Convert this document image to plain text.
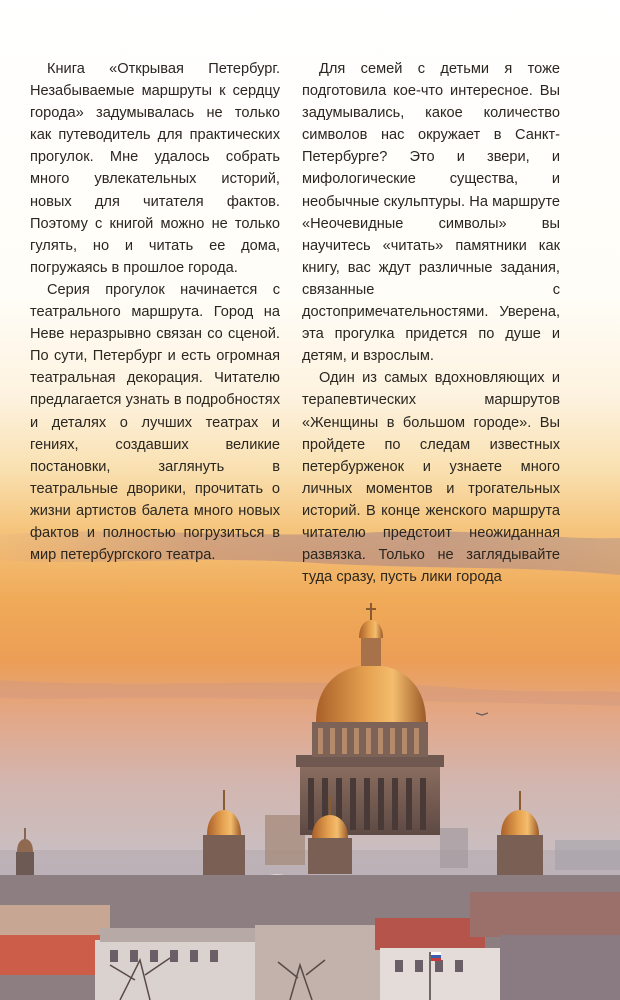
Книга «Открывая Петербург. Незабываемые маршруты к сердцу города» задумывалась не только как путеводитель для практических прогулок. Мне удалось собрать много увлекательных историй, новых для читателя фактов. Поэтому с книгой можно не только гулять, но и читать ее дома, погружаясь в прошлое города.

Серия прогулок начинается с театрального маршрута. Город на Неве неразрывно связан со сценой. По сути, Петербург и есть огромная театральная декорация. Читателю предлагается узнать в подробностях и деталях о лучших театрах и гениях, создавших великие постановки, заглянуть в театральные дворики, прочитать о жизни артистов балета много новых фактов и полностью погрузиться в мир петербургского театра.

Для семей с детьми я тоже подготовила кое-что интересное. Вы задумывались, какое количество символов нас окружает в Санкт-Петербурге? Это и звери, и мифологические существа, и необычные скульптуры. На маршруте «Неочевидные символы» вы научитесь «читать» памятники как книгу, вас ждут различные задания, связанные с достопримечательностями. Уверена, эта прогулка придется по душе и детям, и взрослым.

Один из самых вдохновляющих и терапевтических маршрутов «Женщины в большом городе». Вы пройдете по следам известных петербурженок и узнаете много личных моментов и трогательных историй. В конце женского маршрута читателю предстоит неожиданная развязка. Только не заглядывайте туда сразу, пусть лики города
